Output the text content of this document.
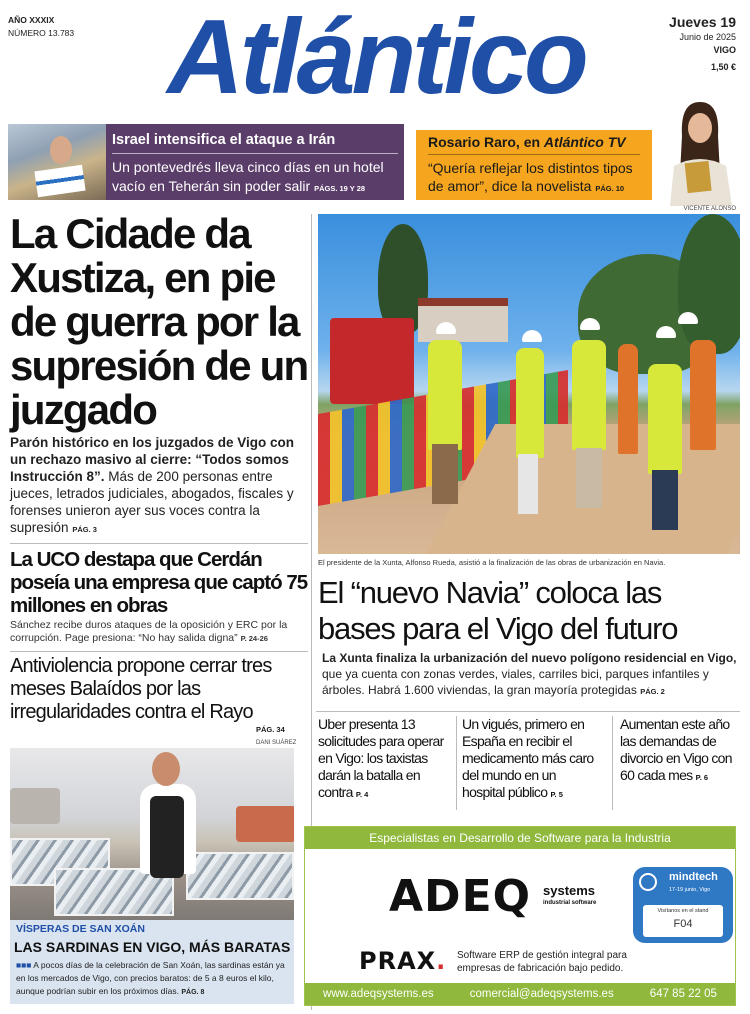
AÑO XXXIX
NÚMERO 13.783 Atlántico	Jueves 19
Junio de 2025
VIGO
1,50 €
Israel intensifica el ataque a Irán
Un pontevedrés lleva cinco días en un hotel vacío en Teherán sin poder salir PÁGS. 19 Y 28
Rosario Raro, en Atlántico TV
“Quería reflejar los distintos tipos de amor”, dice la novelista PÁG. 10
VICENTE ALONSO
La Cidade da Xustiza, en pie de guerra por la supresión de un juzgado
Parón histórico en los juzgados de Vigo con un rechazo masivo al cierre: “Todos somos Instrucción 8”. Más de 200 personas entre jueces, letrados judiciales, abogados, fiscales y forenses unieron ayer sus voces contra la supresión PÁG. 3
La UCO destapa que Cerdán poseía una empresa que captó 75 millones en obras
Sánchez recibe duros ataques de la oposición y ERC por la corrupción. Page presiona: “No hay salida digna” P. 24-26
Antiviolencia propone cerrar tres meses Balaídos por las irregularidades contra el Rayo
PÁG. 34
DANI SUÁREZ
VÍSPERAS DE SAN XOÁN
LAS SARDINAS EN VIGO, MÁS BARATAS
■■■ A pocos días de la celebración de San Xoán, las sardinas están ya en los mercados de Vigo, con precios baratos: de 5 a 8 euros el kilo, aunque podrían subir en los próximos días. PÁG. 8
El presidente de la Xunta, Alfonso Rueda, asistió a la finalización de las obras de urbanización en Navia.
El “nuevo Navia” coloca las bases para el Vigo del futuro
La Xunta finaliza la urbanización del nuevo polígono residencial en Vigo, que ya cuenta con zonas verdes, viales, carriles bici, parques infantiles y árboles. Habrá 1.600 viviendas, la gran mayoría protegidas PÁG. 2
Uber presenta 13 solicitudes para operar en Vigo: los taxistas darán la batalla en contra P. 4
Un vigués, primero en España en recibir el medicamento más caro del mundo en un hospital público P. 5
Aumentan este año las demandas de divorcio en Vigo con 60 cada mes P. 6
Especialistas en Desarrollo de Software para la Industria
ADEQ systems
industrial software
PRAX. Software ERP de gestión integral para empresas de fabricación bajo pedido.
mindtech
17-19 junio, Vigo
Visítanos en el stand
F04
www.adeqsystems.es	comercial@adeqsystems.es	647 85 22 05
